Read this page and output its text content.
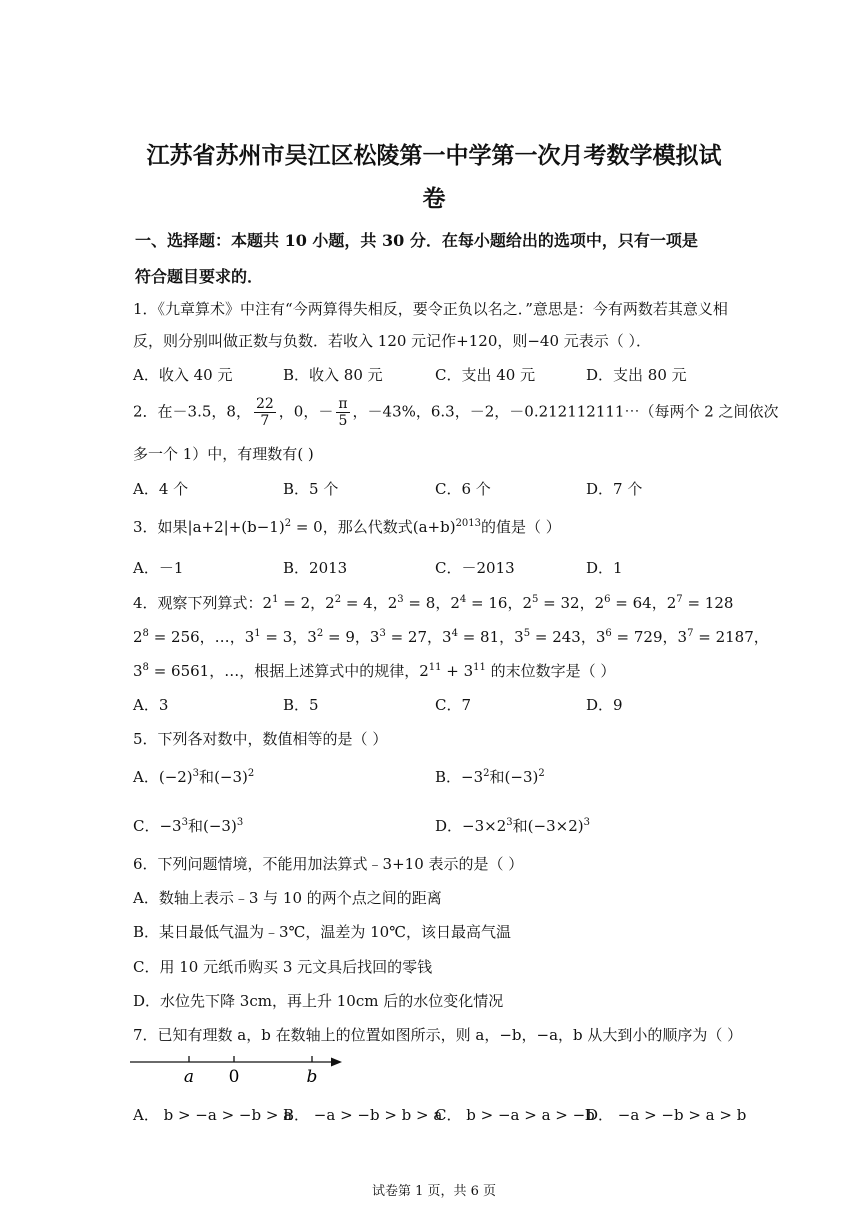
江苏省苏州市吴江区松陵第一中学第一次月考数学模拟试
卷
一、选择题：本题共 10 小题，共 30 分．在每小题给出的选项中，只有一项是
符合题目要求的．
1．《九章算术》中注有“今两算得失相反，要令正负以名之．”意思是：今有两数若其意义相
反，则分别叫做正数与负数．若收入 120 元记作+120，则−40 元表示（ ）．
A．收入 40 元	B．收入 80 元	C．支出 40 元	D．支出 80 元
2．在－3.5，8， $\frac{22}{7}$ ，0，－ $\frac{\pi}{5}$ ，－43%，6.3，－2，－0.212112111⋯（每两个 2 之间依次
多一个 1）中，有理数有( )
A．4 个	B．5 个	C．6 个	D．7 个
3．如果$|a+2|+(b-1)^2 = 0$，那么代数式$(a+b)^{2013}$的值是（ ）
A．－1	B．2013	C．－2013	D．1
4．观察下列算式：$2^1 = 2$，$2^2 = 4$，$2^3 = 8$，$2^4 = 16$，$2^5 = 32$，$2^6 = 64$，$2^7 = 128$
$2^8 = 256$，…，$3^1 = 3$，$3^2 = 9$，$3^3 = 27$，$3^4 = 81$，$3^5 = 243$，$3^6 = 729$，$3^7 = 2187$，
$3^8 = 6561$，…，根据上述算式中的规律，$2^{11} + 3^{11}$ 的末位数字是（ ）
A．3	B．5	C．7	D．9
5．下列各对数中，数值相等的是（ ）
A．$(-2)^3$和$(-3)^2$	B．$-3^2$和$(-3)^2$
C．$-3^3$和$(-3)^3$	D．$-3\times 2^3$和$(-3\times 2)^3$
6．下列问题情境，不能用加法算式﹣3+10 表示的是（ ）
A．数轴上表示﹣3 与 10 的两个点之间的距离
B．某日最低气温为﹣3℃，温差为 10℃，该日最高气温
C．用 10 元纸币购买 3 元文具后找回的零钱
D．水位先下降 3cm，再上升 10cm 后的水位变化情况
7．已知有理数 a，b 在数轴上的位置如图所示，则 a，−b，−a，b 从大到小的顺序为（ ）
a 0	b
A． b > −a > −b > a
B． −a > −b > b > a
C． b > −a > a > −b
D． −a > −b > a > b
试卷第 1 页，共 6 页
